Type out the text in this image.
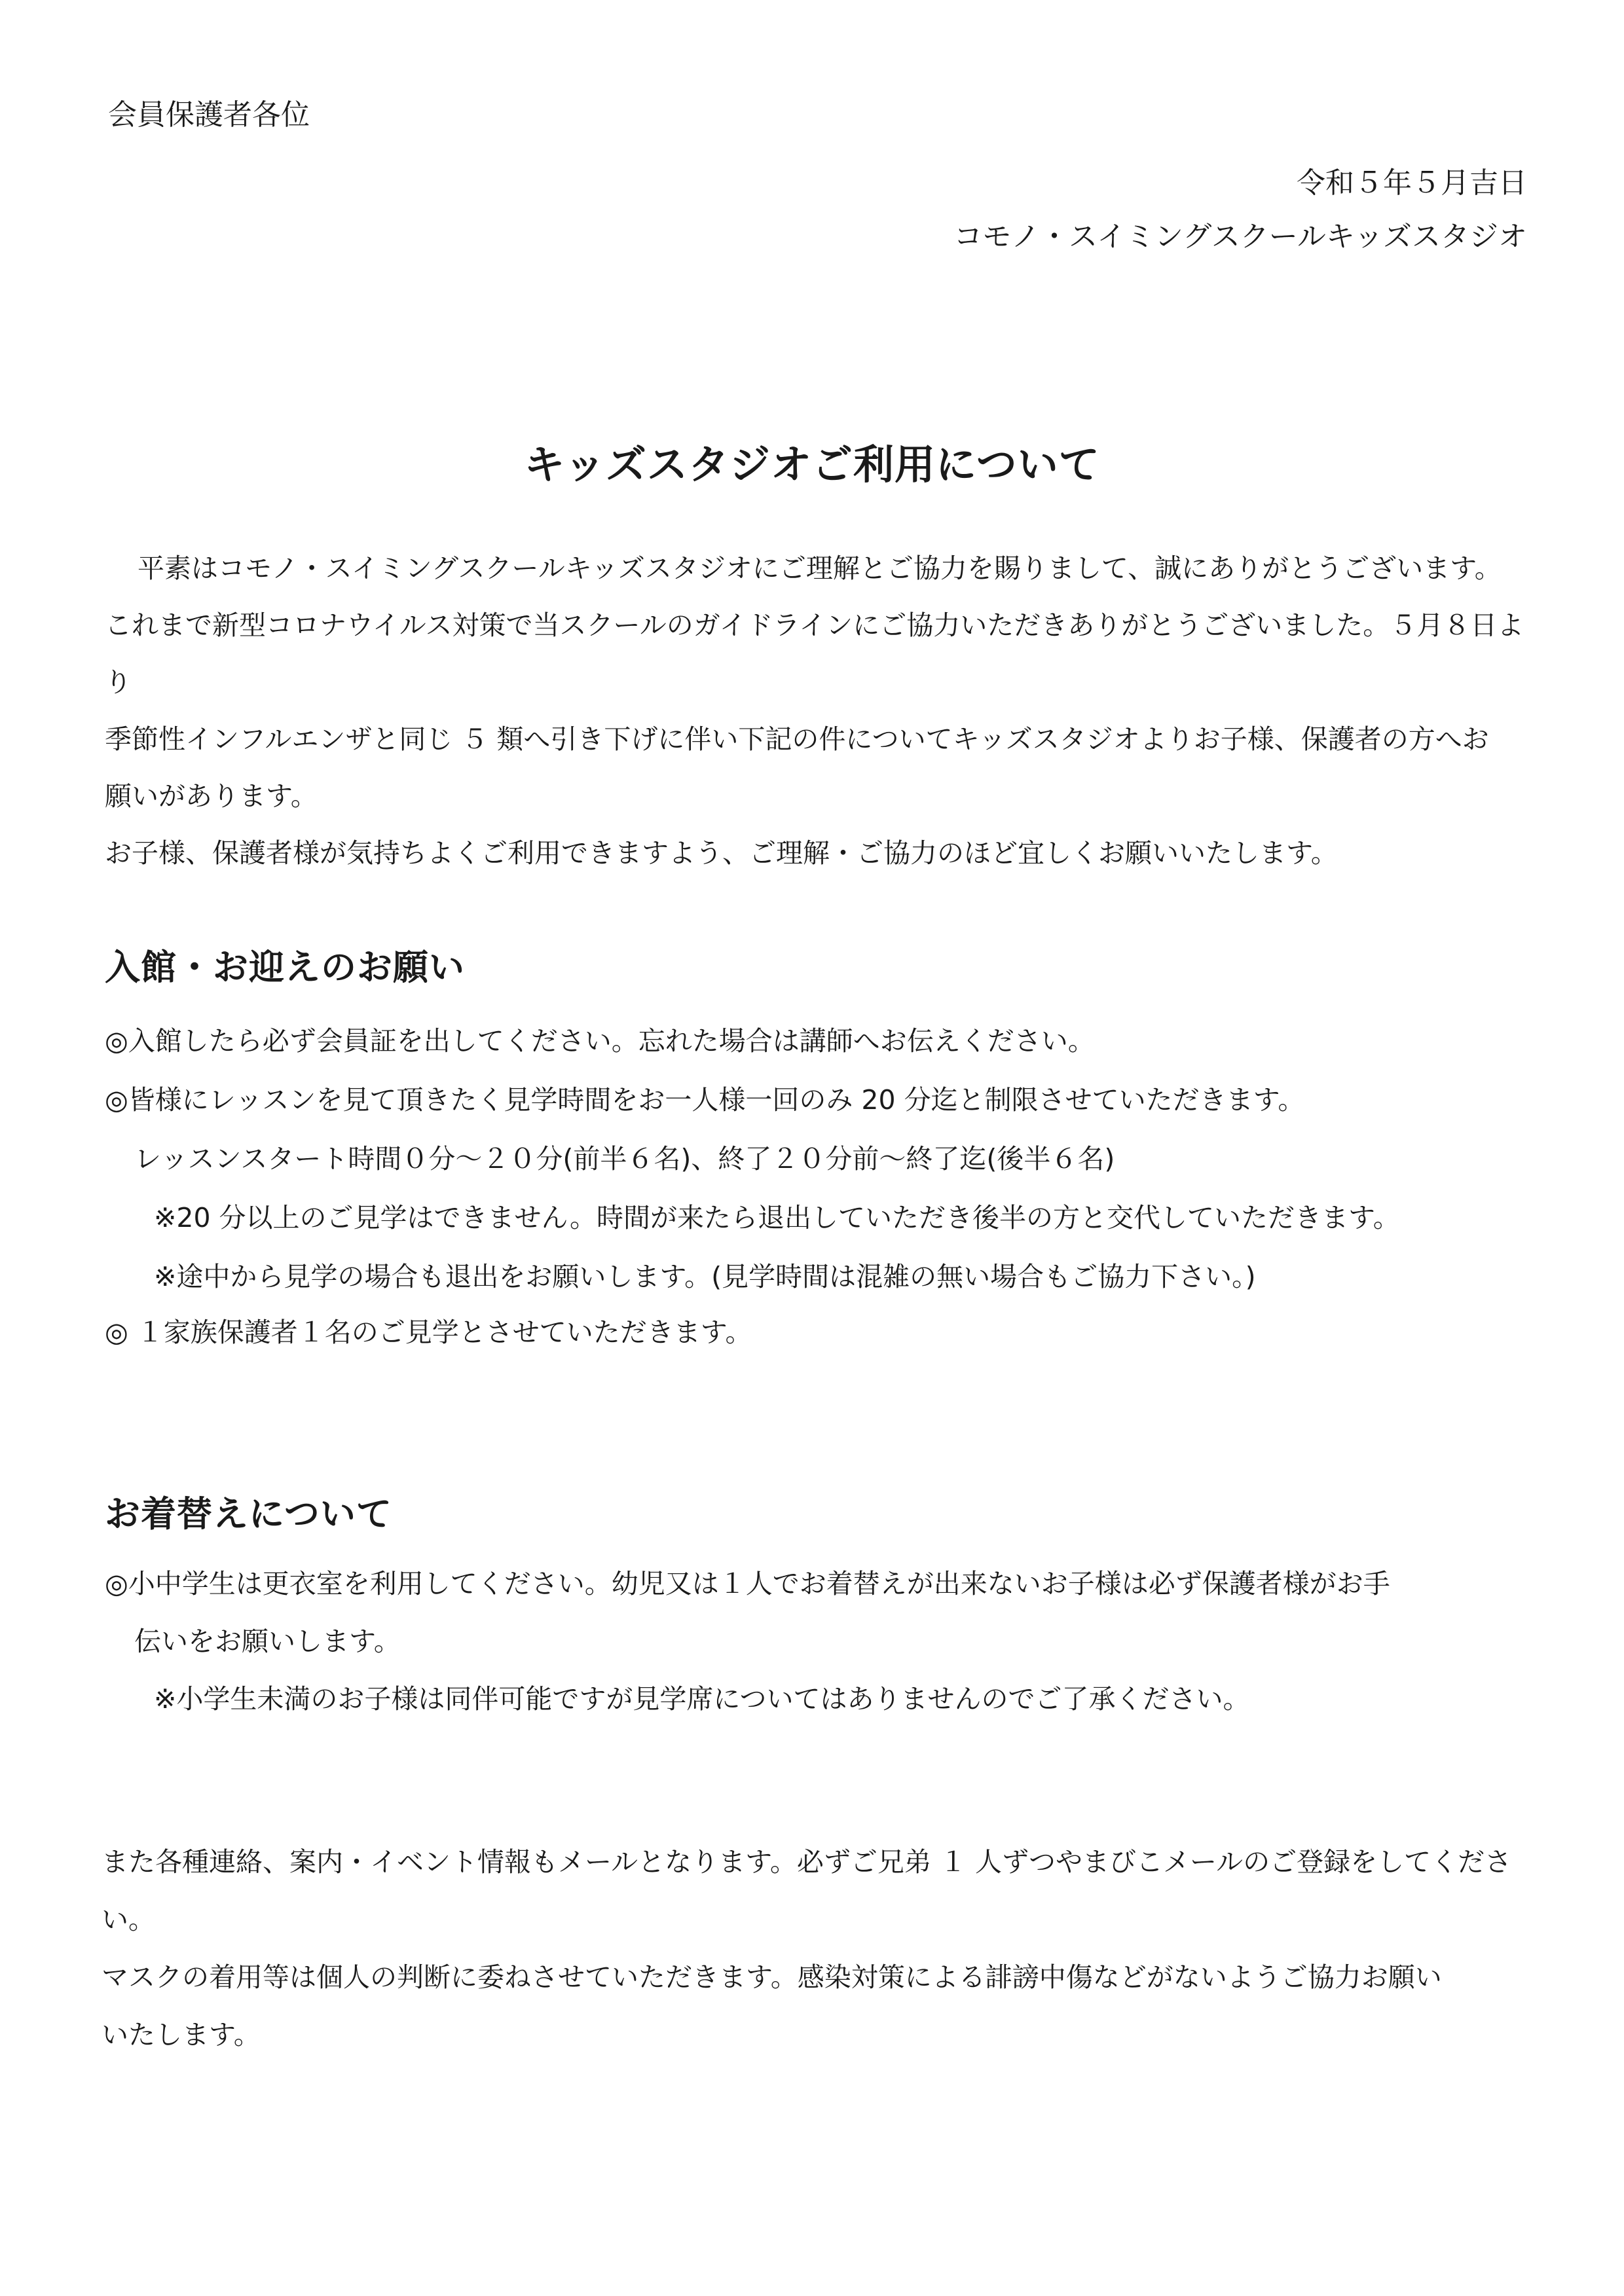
会員保護者各位
令和５年５月吉日
コモノ・スイミングスクールキッズスタジオ
キッズスタジオご利用について

平素はコモノ・スイミングスクールキッズスタジオにご理解とご協力を賜りまして、誠にありがとうございます。

これまで新型コロナウイルス対策で当スクールのガイドラインにご協力いただきありがとうございました。５月８日より

季節性インフルエンザと同じ ５ 類へ引き下げに伴い下記の件についてキッズスタジオよりお子様、保護者の方へお

願いがあります。

お子様、保護者様が気持ちよくご利用できますよう、ご理解・ご協力のほど宜しくお願いいたします。

入館・お迎えのお願い

◎入館したら必ず会員証を出してください。忘れた場合は講師へお伝えください。

◎皆様にレッスンを見て頂きたく見学時間をお一人様一回のみ 20 分迄と制限させていただきます。

レッスンスタート時間０分～２０分(前半６名)、終了２０分前～終了迄(後半６名)

※20 分以上のご見学はできません。時間が来たら退出していただき後半の方と交代していただきます。

※途中から見学の場合も退出をお願いします。(見学時間は混雑の無い場合もご協力下さい。)

◎ １家族保護者１名のご見学とさせていただきます。

お着替えについて

◎小中学生は更衣室を利用してください。幼児又は１人でお着替えが出来ないお子様は必ず保護者様がお手

伝いをお願いします。

※小学生未満のお子様は同伴可能ですが見学席についてはありませんのでご了承ください。

また各種連絡、案内・イベント情報もメールとなります。必ずご兄弟 １ 人ずつやまびこメールのご登録をしてくださ

い。

マスクの着用等は個人の判断に委ねさせていただきます。感染対策による誹謗中傷などがないようご協力お願い

いたします。
